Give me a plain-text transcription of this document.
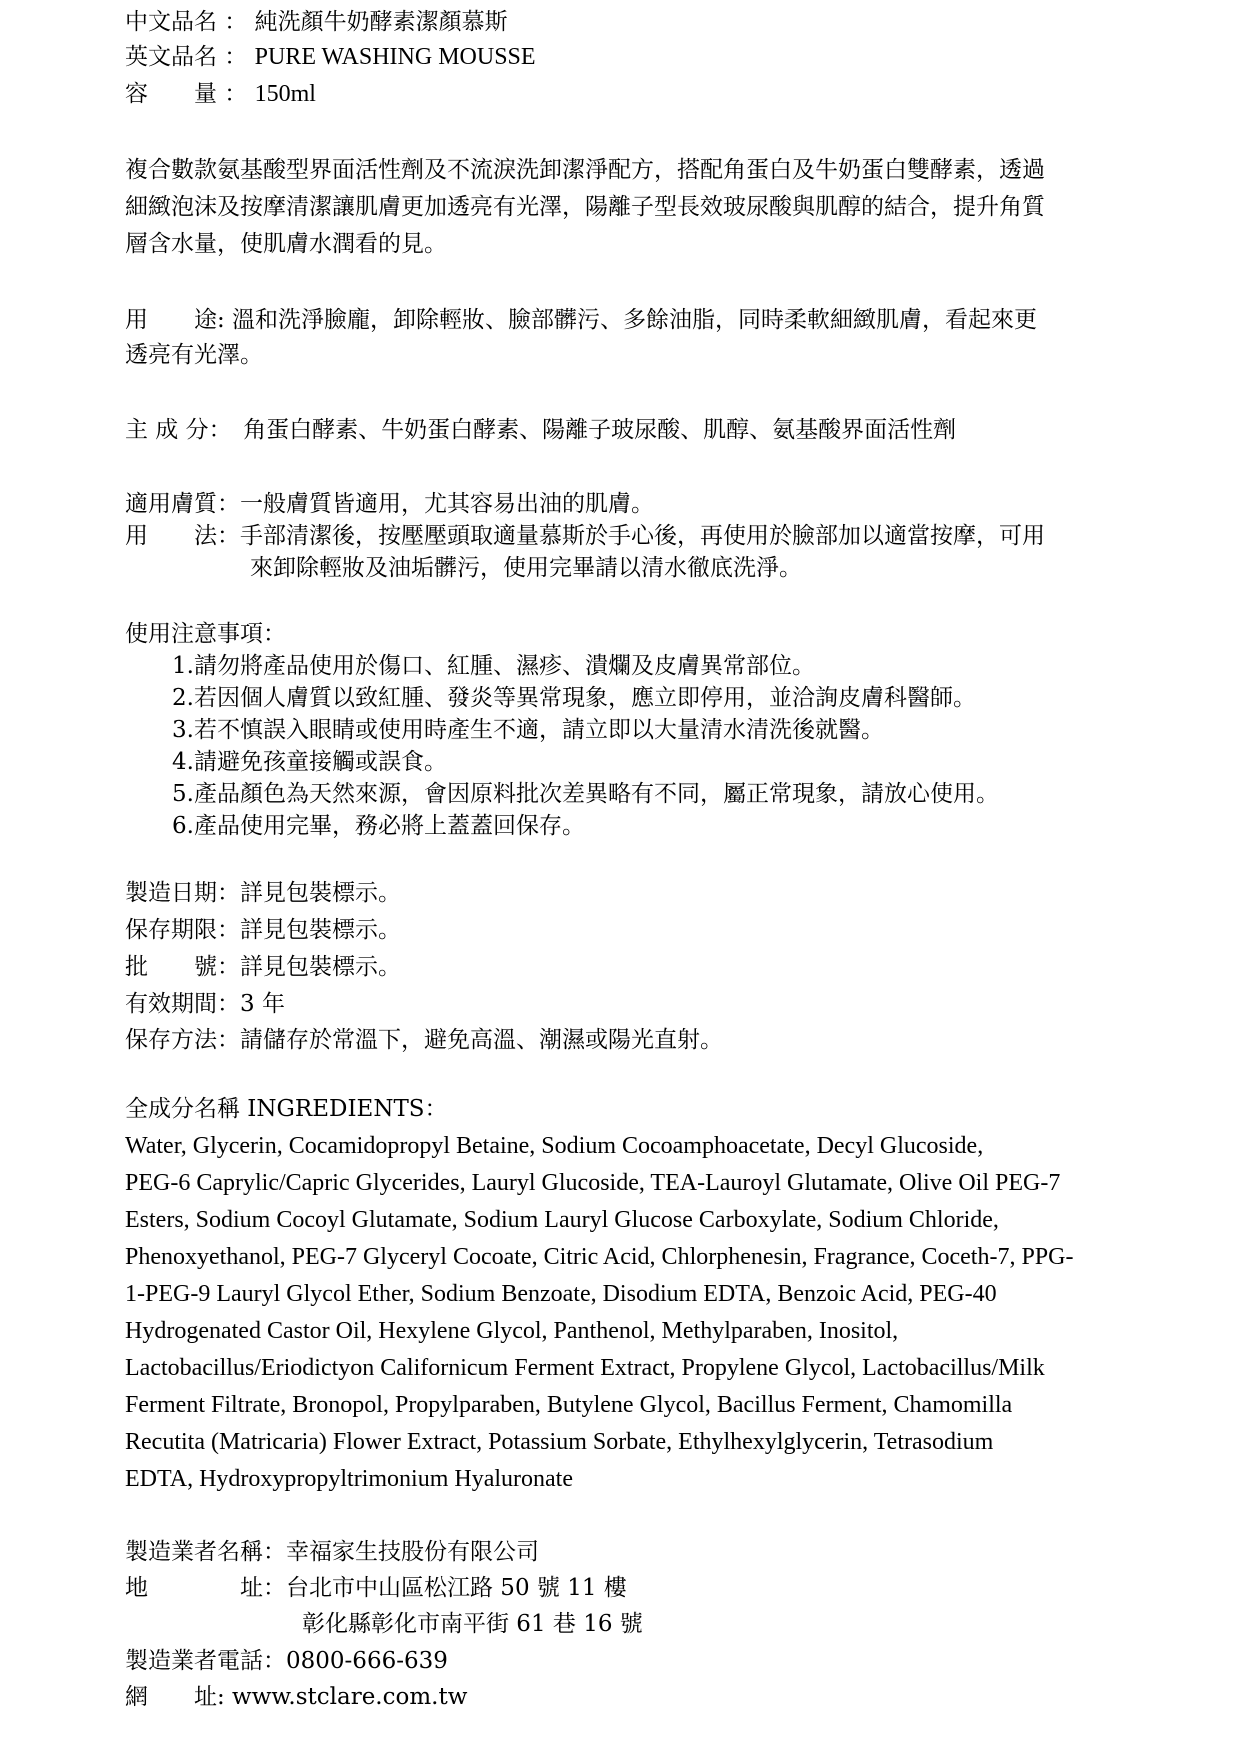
中文品名 ： 純洗顏牛奶酵素潔顏慕斯
英文品名 ： PURE WASHING MOUSSE
容　　量 ： 150ml
複合數款氨基酸型界面活性劑及不流淚洗卸潔淨配方，搭配角蛋白及牛奶蛋白雙酵素，透過
細緻泡沫及按摩清潔讓肌膚更加透亮有光澤，陽離子型長效玻尿酸與肌醇的結合，提升角質
層含水量，使肌膚水潤看的見。
用　　途: 溫和洗淨臉龐，卸除輕妝、臉部髒污、多餘油脂，同時柔軟細緻肌膚，看起來更
透亮有光澤。
主 成 分：　角蛋白酵素、牛奶蛋白酵素、陽離子玻尿酸、肌醇、氨基酸界面活性劑
適用膚質：一般膚質皆適用，尤其容易出油的肌膚。
用　　法：手部清潔後，按壓壓頭取適量慕斯於手心後，再使用於臉部加以適當按摩，可用
來卸除輕妝及油垢髒污，使用完畢請以清水徹底洗淨。
使用注意事項：
1.請勿將產品使用於傷口、紅腫、濕疹、潰爛及皮膚異常部位。
2.若因個人膚質以致紅腫、發炎等異常現象，應立即停用，並洽詢皮膚科醫師。
3.若不慎誤入眼睛或使用時產生不適，請立即以大量清水清洗後就醫。
4.請避免孩童接觸或誤食。
5.產品顏色為天然來源，會因原料批次差異略有不同，屬正常現象，請放心使用。
6.產品使用完畢，務必將上蓋蓋回保存。
製造日期：詳見包裝標示。
保存期限：詳見包裝標示。
批　　號：詳見包裝標示。
有效期間：3 年
保存方法：請儲存於常溫下，避免高溫、潮濕或陽光直射。
全成分名稱 INGREDIENTS：
Water, Glycerin, Cocamidopropyl Betaine, Sodium Cocoamphoacetate, Decyl Glucoside,
PEG-6 Caprylic/Capric Glycerides, Lauryl Glucoside, TEA-Lauroyl Glutamate, Olive Oil PEG-7
Esters, Sodium Cocoyl Glutamate, Sodium Lauryl Glucose Carboxylate, Sodium Chloride,
Phenoxyethanol, PEG-7 Glyceryl Cocoate, Citric Acid, Chlorphenesin, Fragrance, Coceth-7, PPG-
1-PEG-9 Lauryl Glycol Ether, Sodium Benzoate, Disodium EDTA, Benzoic Acid, PEG-40
Hydrogenated Castor Oil, Hexylene Glycol, Panthenol, Methylparaben, Inositol,
Lactobacillus/Eriodictyon Californicum Ferment Extract, Propylene Glycol, Lactobacillus/Milk
Ferment Filtrate, Bronopol, Propylparaben, Butylene Glycol, Bacillus Ferment, Chamomilla
Recutita (Matricaria) Flower Extract, Potassium Sorbate, Ethylhexylglycerin, Tetrasodium
EDTA, Hydroxypropyltrimonium Hyaluronate
製造業者名稱：幸福家生技股份有限公司
地　　　　址：台北市中山區松江路 50 號 11 樓
彰化縣彰化市南平街 61 巷 16 號
製造業者電話：0800-666-639
網　　址: www.stclare.com.tw
